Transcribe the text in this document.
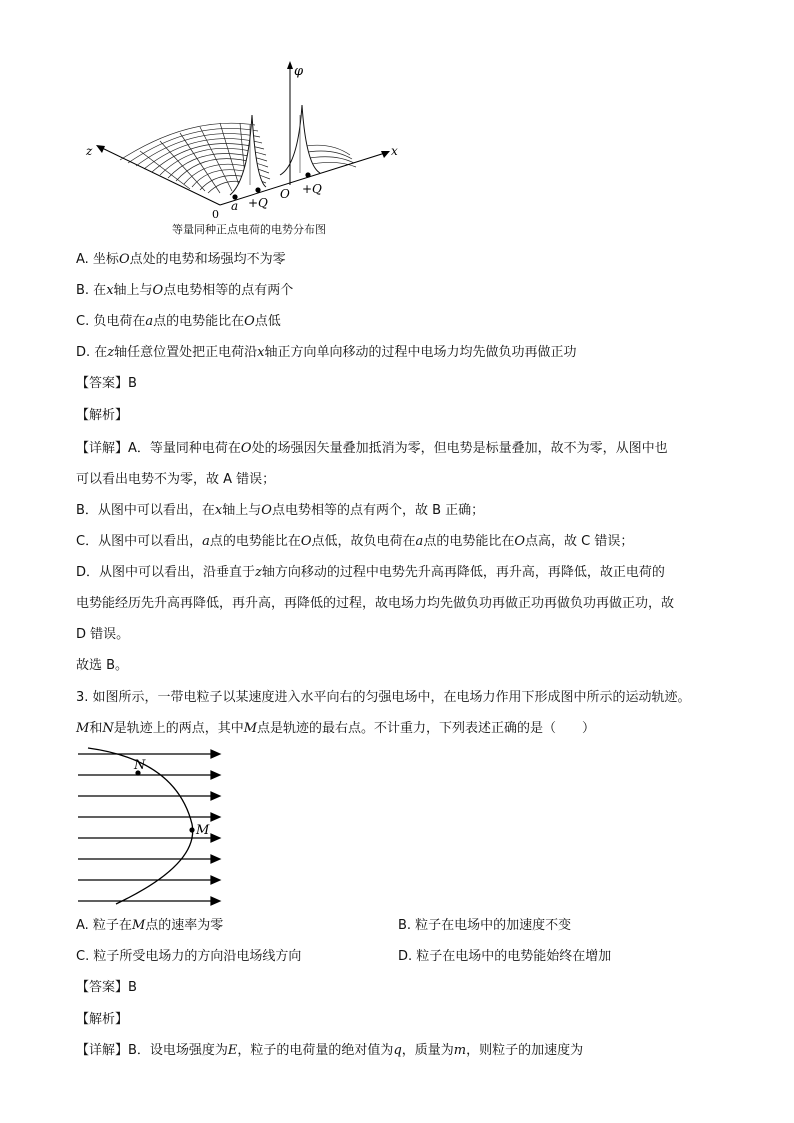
φ
x
z
0
a +Q
O +Q
等量同种正点电荷的电势分布图
A. 坐标O点处的电势和场强均不为零
B. 在x轴上与O点电势相等的点有两个
C. 负电荷在a点的电势能比在O点低
D. 在z轴任意位置处把正电荷沿x轴正方向单向移动的过程中电场力均先做负功再做正功
【答案】B
【解析】
【详解】A．等量同种电荷在O处的场强因矢量叠加抵消为零，但电势是标量叠加，故不为零，从图中也
可以看出电势不为零，故 A 错误；
B．从图中可以看出，在x轴上与O点电势相等的点有两个，故 B 正确；
C．从图中可以看出，a点的电势能比在O点低，故负电荷在a点的电势能比在O点高，故 C 错误；
D．从图中可以看出，沿垂直于z轴方向移动的过程中电势先升高再降低，再升高，再降低，故正电荷的
电势能经历先升高再降低，再升高，再降低的过程，故电场力均先做负功再做正功再做负功再做正功，故
D 错误。
故选 B。
3. 如图所示，一带电粒子以某速度进入水平向右的匀强电场中，在电场力作用下形成图中所示的运动轨迹。
M和N是轨迹上的两点，其中M点是轨迹的最右点。不计重力，下列表述正确的是（　　）
N
M
A. 粒子在M点的速率为零	B. 粒子在电场中的加速度不变
C. 粒子所受电场力的方向沿电场线方向	D. 粒子在电场中的电势能始终在增加
【答案】B
【解析】
【详解】B．设电场强度为E，粒子的电荷量的绝对值为q，质量为m，则粒子的加速度为
